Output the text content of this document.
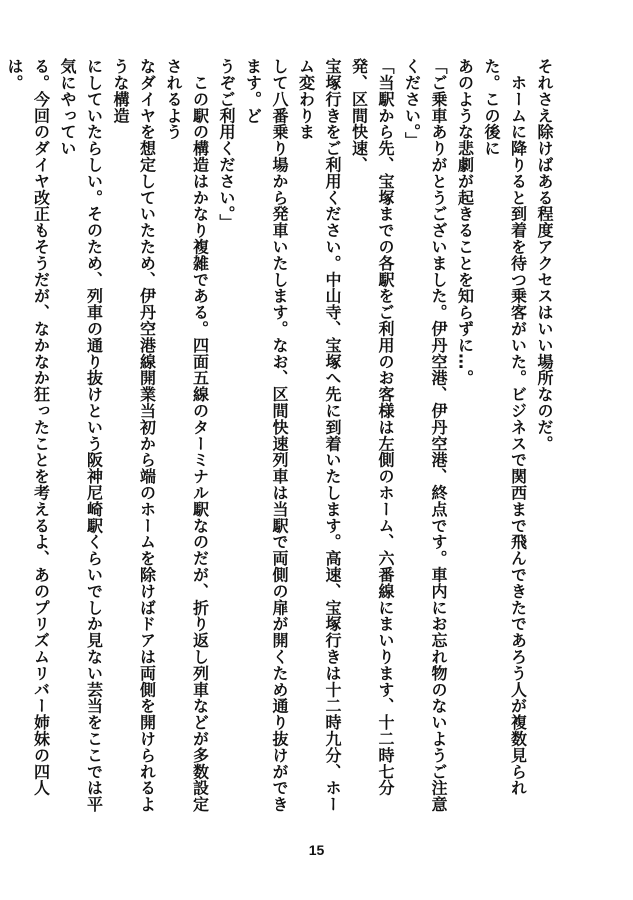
それさえ除けばある程度アクセスはいい場所なのだ。

　ホームに降りると到着を待つ乗客がいた。ビジネスで関西まで飛んできたであろう人が複数見られた。この後に

あのような悲劇が起きることを知らずに…。

「ご乗車ありがとうございました。伊丹空港、伊丹空港、終点です。車内にお忘れ物のないようご注意ください。」

「当駅から先、宝塚までの各駅をご利用のお客様は左側のホーム、六番線にまいります、十二時七分発、区間快速、

宝塚行きをご利用ください。中山寺、宝塚へ先に到着いたします。高速、宝塚行きは十二時九分、ホーム変わりま

して八番乗り場から発車いたします。なお、区間快速列車は当駅で両側の扉が開くため通り抜けができます。ど

うぞご利用ください。」

　この駅の構造はかなり複雑である。四面五線のターミナル駅なのだが、折り返し列車などが多数設定されるよう

なダイヤを想定していたため、伊丹空港線開業当初から端のホームを除けばドアは両側を開けられるような構造

にしていたらしい。そのため、列車の通り抜けという阪神尼崎駅くらいでしか見ない芸当をここでは平気にやってい

る。今回のダイヤ改正もそうだが、なかなか狂ったことを考えるよ、あのプリズムリバー姉妹の四人は。

15
